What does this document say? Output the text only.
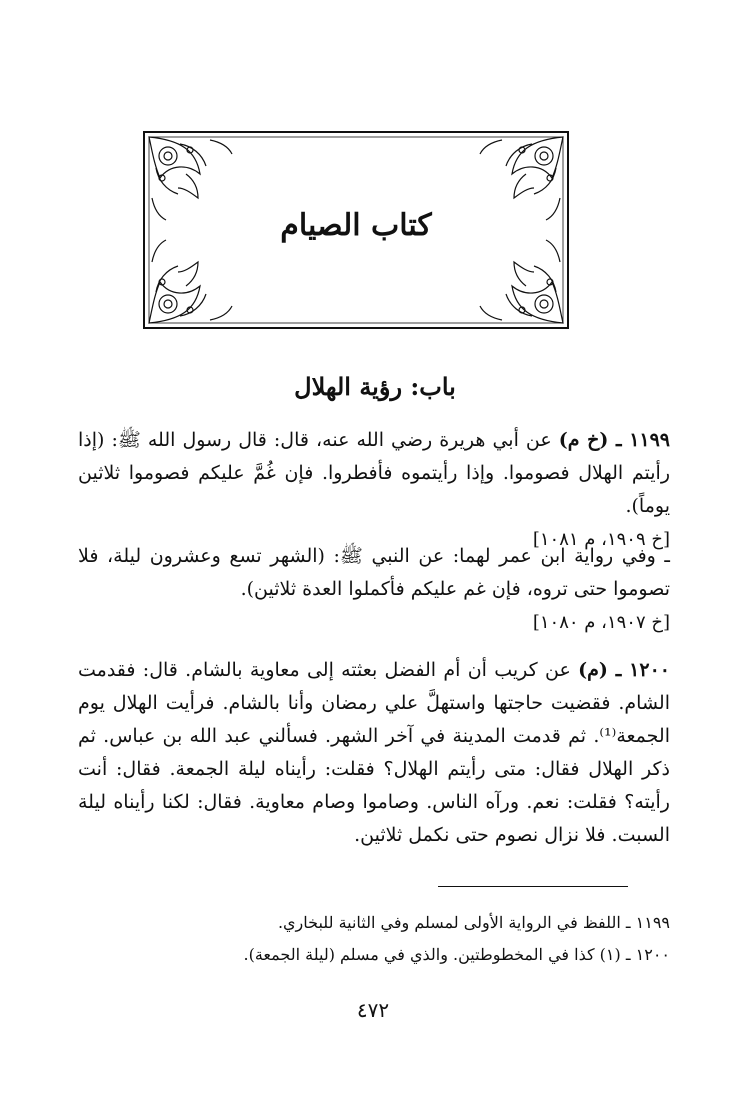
كتاب الصيام
باب: رؤية الهلال
١١٩٩ ـ (خ م) عن أبي هريرة رضي الله عنه، قال: قال رسول الله ﷺ: (إذا رأيتم الهلال فصوموا. وإذا رأيتموه فأفطروا. فإن غُمَّ عليكم فصوموا ثلاثين يوماً).
[خ ١٩٠٩، م ١٠٨١]
ـ وفي رواية ابن عمر لهما: عن النبي ﷺ: (الشهر تسع وعشرون ليلة، فلا تصوموا حتى تروه، فإن غم عليكم فأكملوا العدة ثلاثين).
[خ ١٩٠٧، م ١٠٨٠]
١٢٠٠ ـ (م) عن كريب أن أم الفضل بعثته إلى معاوية بالشام. قال: فقدمت الشام. فقضيت حاجتها واستهلَّ علي رمضان وأنا بالشام. فرأيت الهلال يوم الجمعة⁽¹⁾. ثم قدمت المدينة في آخر الشهر. فسألني عبد الله بن عباس. ثم ذكر الهلال فقال: متى رأيتم الهلال؟ فقلت: رأيناه ليلة الجمعة. فقال: أنت رأيته؟ فقلت: نعم. ورآه الناس. وصاموا وصام معاوية. فقال: لكنا رأيناه ليلة السبت. فلا نزال نصوم حتى نكمل ثلاثين.
١١٩٩ ـ اللفظ في الرواية الأولى لمسلم وفي الثانية للبخاري.
١٢٠٠ ـ (١) كذا في المخطوطتين. والذي في مسلم (ليلة الجمعة).
٤٧٢
